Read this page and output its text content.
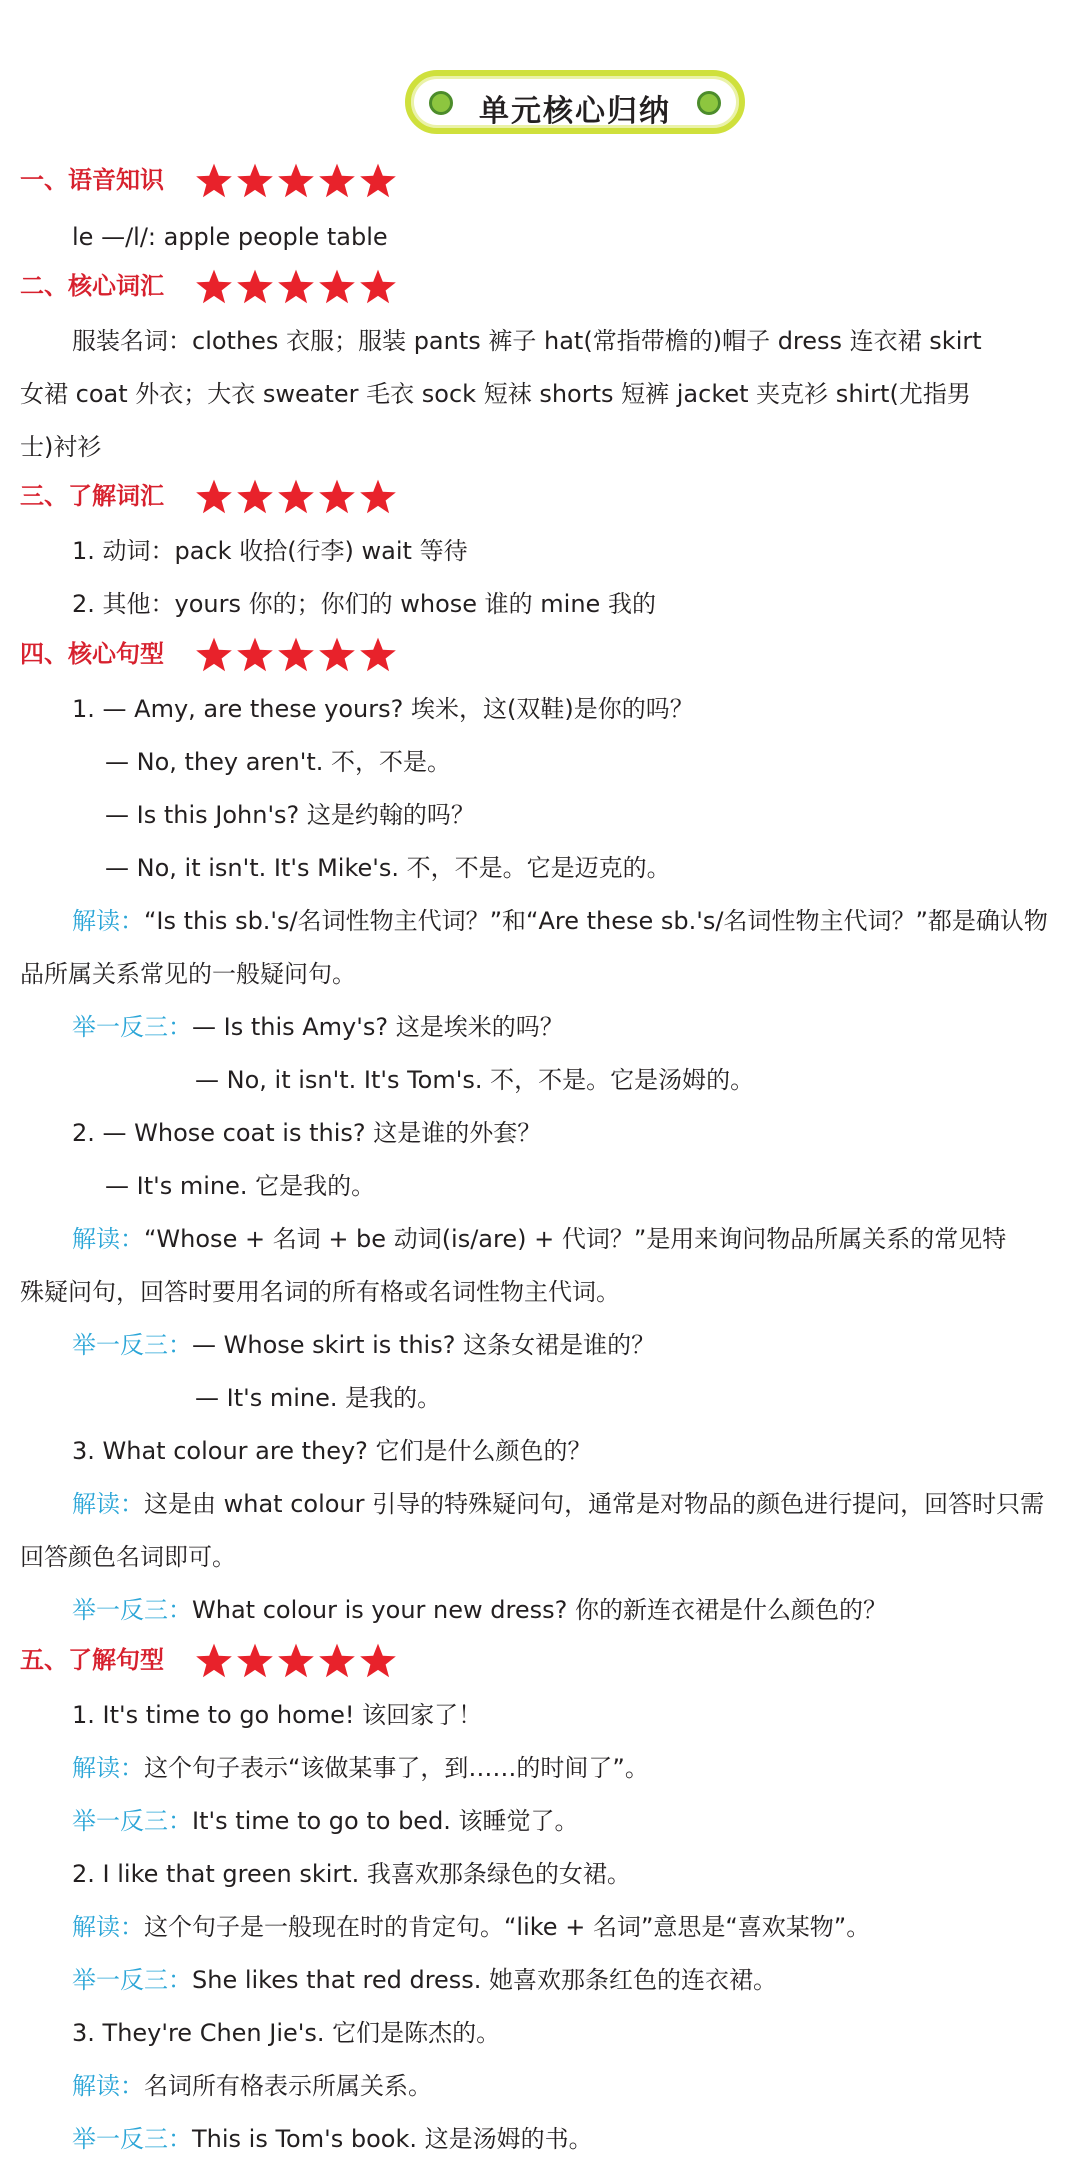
单元核心归纳
一、语音知识
le —/l/: apple people table
二、核心词汇
服装名词：clothes 衣服；服装 pants 裤子 hat(常指带檐的)帽子 dress 连衣裙 skirt
女裙 coat 外衣；大衣 sweater 毛衣 sock 短袜 shorts 短裤 jacket 夹克衫 shirt(尤指男
士)衬衫
三、了解词汇
1. 动词：pack 收拾(行李) wait 等待
2. 其他：yours 你的；你们的 whose 谁的 mine 我的
四、核心句型
1. — Amy, are these yours? 埃米，这(双鞋)是你的吗？
— No, they aren't. 不，不是。
— Is this John's? 这是约翰的吗？
— No, it isn't. It's Mike's. 不，不是。它是迈克的。
解读：“Is this sb.'s/名词性物主代词？”和“Are these sb.'s/名词性物主代词？”都是确认物
品所属关系常见的一般疑问句。
举一反三：— Is this Amy's? 这是埃米的吗？
— No, it isn't. It's Tom's. 不，不是。它是汤姆的。
2. — Whose coat is this? 这是谁的外套？
— It's mine. 它是我的。
解读：“Whose + 名词 + be 动词(is/are) + 代词？”是用来询问物品所属关系的常见特
殊疑问句，回答时要用名词的所有格或名词性物主代词。
举一反三：— Whose skirt is this? 这条女裙是谁的？
— It's mine. 是我的。
3. What colour are they? 它们是什么颜色的？
解读：这是由 what colour 引导的特殊疑问句，通常是对物品的颜色进行提问，回答时只需
回答颜色名词即可。
举一反三：What colour is your new dress? 你的新连衣裙是什么颜色的？
五、了解句型
1. It's time to go home! 该回家了！
解读：这个句子表示“该做某事了，到……的时间了”。
举一反三：It's time to go to bed. 该睡觉了。
2. I like that green skirt. 我喜欢那条绿色的女裙。
解读：这个句子是一般现在时的肯定句。“like + 名词”意思是“喜欢某物”。
举一反三：She likes that red dress. 她喜欢那条红色的连衣裙。
3. They're Chen Jie's. 它们是陈杰的。
解读：名词所有格表示所属关系。
举一反三：This is Tom's book. 这是汤姆的书。
